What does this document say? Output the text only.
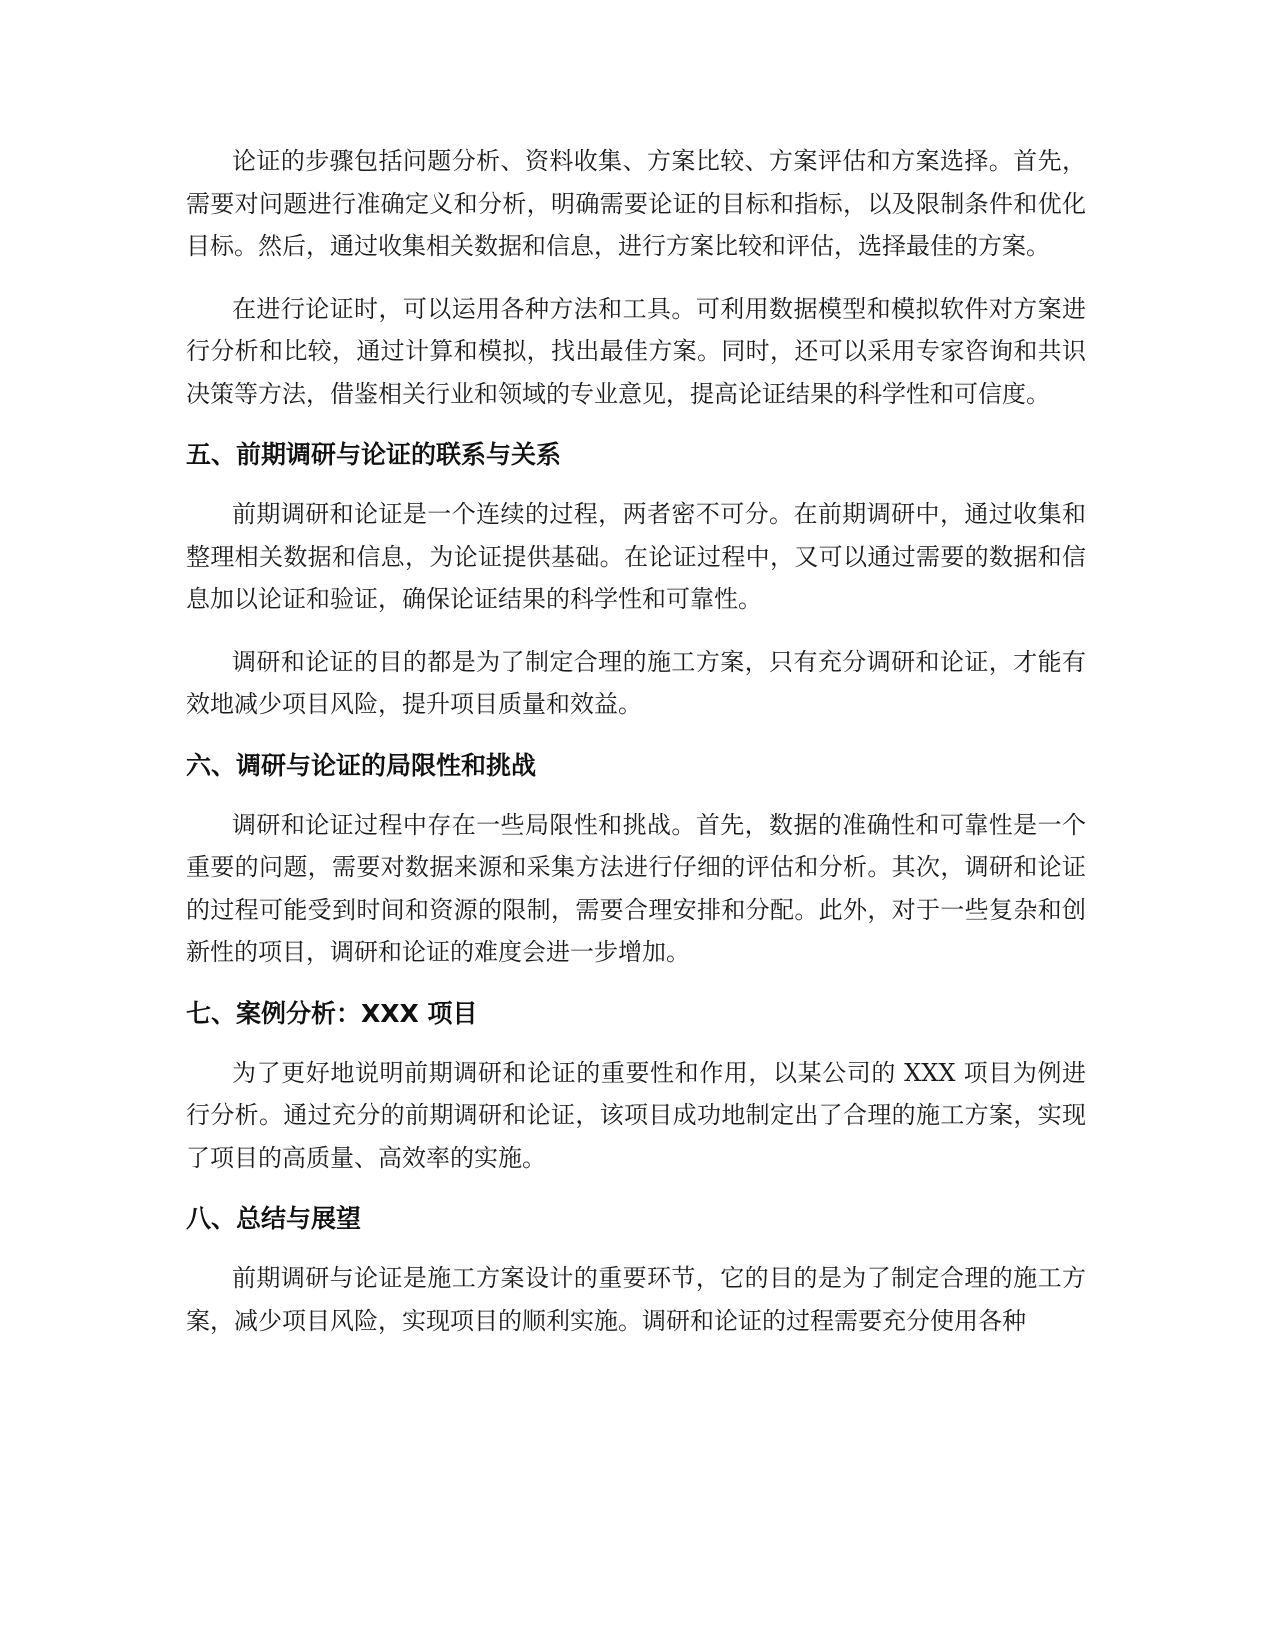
论证的步骤包括问题分析、资料收集、方案比较、方案评估和方案选择。首先，需要对问题进行准确定义和分析，明确需要论证的目标和指标，以及限制条件和优化目标。然后，通过收集相关数据和信息，进行方案比较和评估，选择最佳的方案。

在进行论证时，可以运用各种方法和工具。可利用数据模型和模拟软件对方案进行分析和比较，通过计算和模拟，找出最佳方案。同时，还可以采用专家咨询和共识决策等方法，借鉴相关行业和领域的专业意见，提高论证结果的科学性和可信度。

五、前期调研与论证的联系与关系

前期调研和论证是一个连续的过程，两者密不可分。在前期调研中，通过收集和整理相关数据和信息，为论证提供基础。在论证过程中，又可以通过需要的数据和信息加以论证和验证，确保论证结果的科学性和可靠性。

调研和论证的目的都是为了制定合理的施工方案，只有充分调研和论证，才能有效地减少项目风险，提升项目质量和效益。

六、调研与论证的局限性和挑战

调研和论证过程中存在一些局限性和挑战。首先，数据的准确性和可靠性是一个重要的问题，需要对数据来源和采集方法进行仔细的评估和分析。其次，调研和论证的过程可能受到时间和资源的限制，需要合理安排和分配。此外，对于一些复杂和创新性的项目，调研和论证的难度会进一步增加。

七、案例分析：XXX 项目

为了更好地说明前期调研和论证的重要性和作用，以某公司的 XXX 项目为例进行分析。通过充分的前期调研和论证，该项目成功地制定出了合理的施工方案，实现了项目的高质量、高效率的实施。

八、总结与展望

前期调研与论证是施工方案设计的重要环节，它的目的是为了制定合理的施工方案，减少项目风险，实现项目的顺利实施。调研和论证的过程需要充分使用各种
